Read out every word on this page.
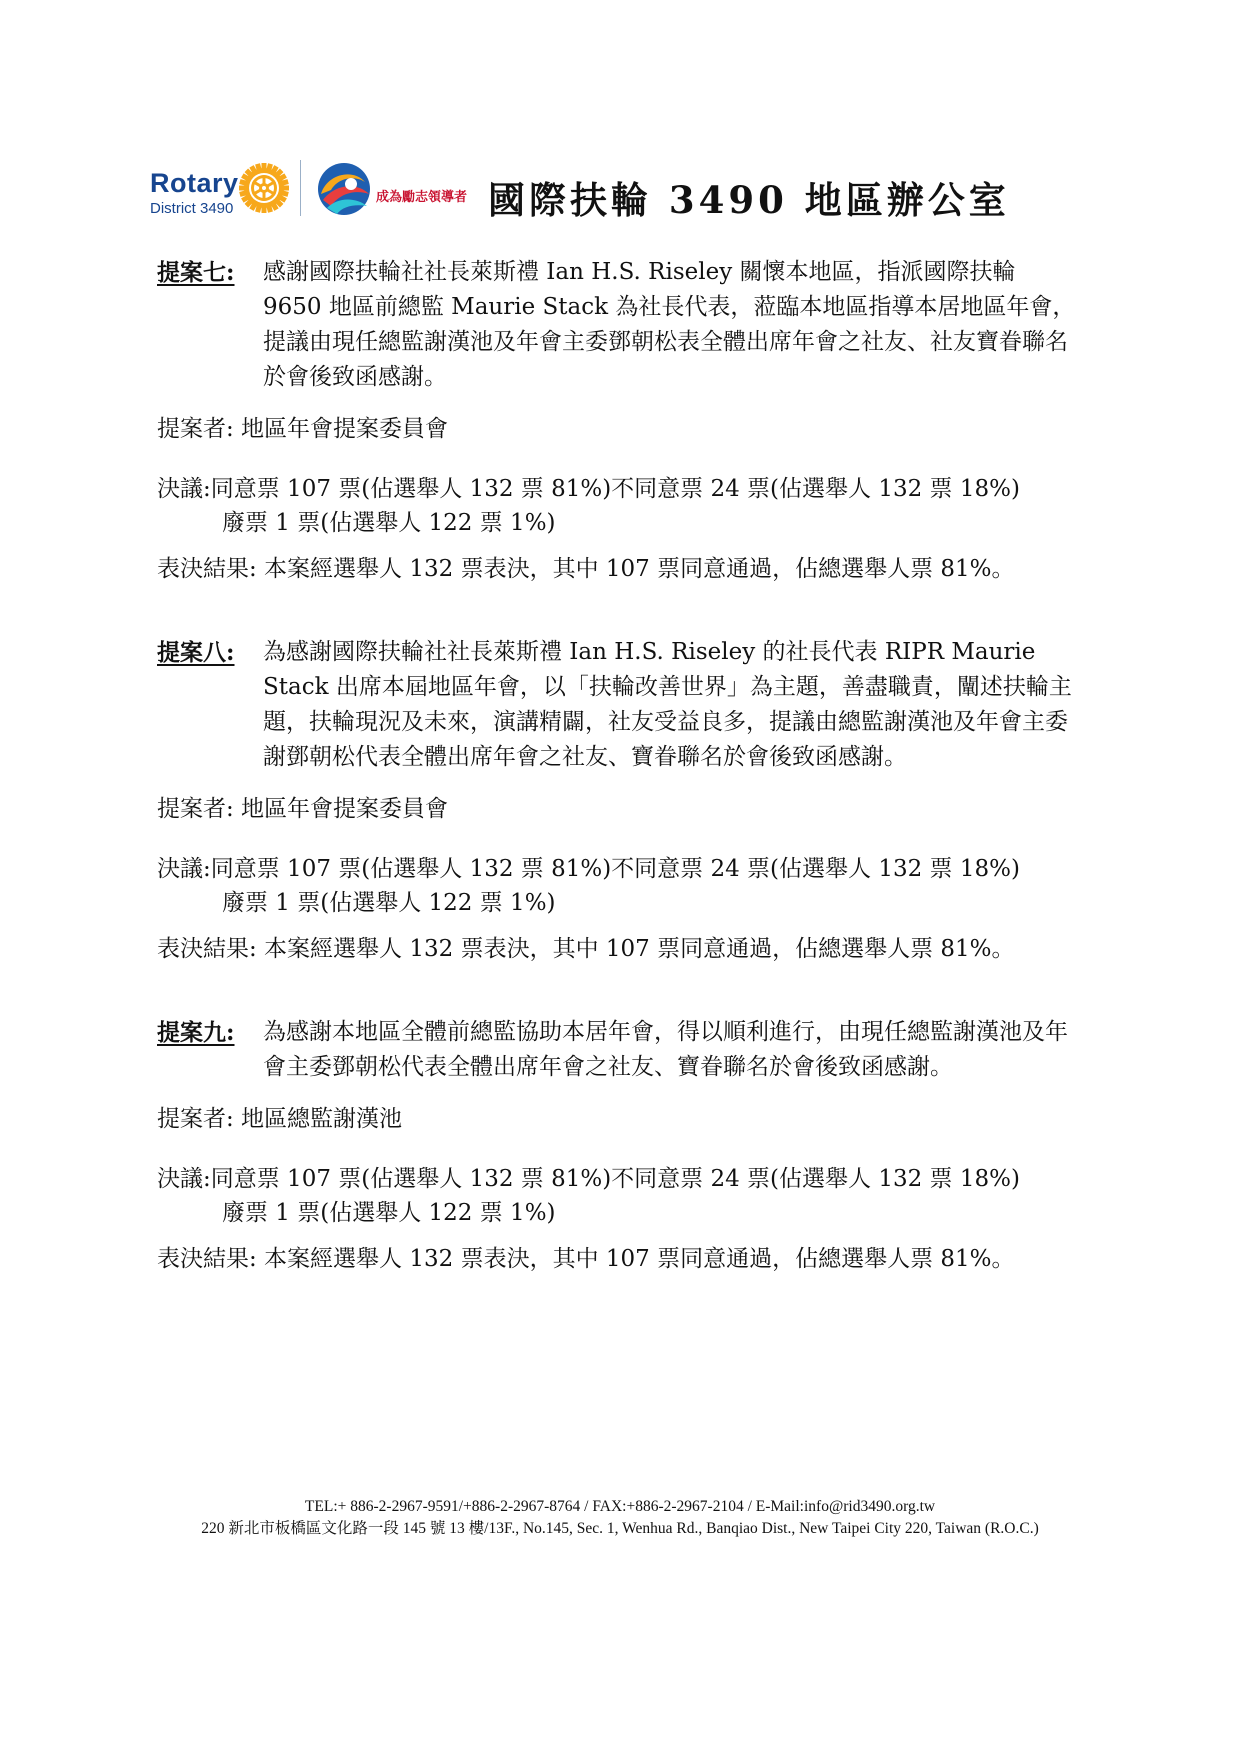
Rotary
District 3490
成為勵志領導者 國際扶輪 3490 地區辦公室
提案七: 感謝國際扶輪社社長萊斯禮 Ian H.S. Riseley 關懷本地區，指派國際扶輪 9650 地區前總監 Maurie Stack 為社長代表，蒞臨本地區指導本居地區年會，提議由現任總監謝漢池及年會主委鄧朝松表全體出席年會之社友、社友寶眷聯名於會後致函感謝。
提案者: 地區年會提案委員會
決議:同意票 107 票(佔選舉人 132 票 81%)不同意票 24 票(佔選舉人 132 票 18%)
廢票 1 票(佔選舉人 122 票 1%)
表決結果: 本案經選舉人 132 票表決，其中 107 票同意通過，佔總選舉人票 81%。
提案八: 為感謝國際扶輪社社長萊斯禮 Ian H.S. Riseley 的社長代表 RIPR Maurie Stack 出席本屆地區年會，以「扶輪改善世界」為主題，善盡職責，闡述扶輪主題，扶輪現況及未來，演講精闢，社友受益良多，提議由總監謝漢池及年會主委謝鄧朝松代表全體出席年會之社友、寶眷聯名於會後致函感謝。
提案者: 地區年會提案委員會
決議:同意票 107 票(佔選舉人 132 票 81%)不同意票 24 票(佔選舉人 132 票 18%)
廢票 1 票(佔選舉人 122 票 1%)
表決結果: 本案經選舉人 132 票表決，其中 107 票同意通過，佔總選舉人票 81%。
提案九: 為感謝本地區全體前總監協助本居年會，得以順利進行，由現任總監謝漢池及年會主委鄧朝松代表全體出席年會之社友、寶眷聯名於會後致函感謝。
提案者: 地區總監謝漢池
決議:同意票 107 票(佔選舉人 132 票 81%)不同意票 24 票(佔選舉人 132 票 18%)
廢票 1 票(佔選舉人 122 票 1%)
表決結果: 本案經選舉人 132 票表決，其中 107 票同意通過，佔總選舉人票 81%。
TEL:+ 886-2-2967-9591/+886-2-2967-8764 / FAX:+886-2-2967-2104 / E-Mail:info@rid3490.org.tw
220 新北市板橋區文化路一段 145 號 13 樓/13F., No.145, Sec. 1, Wenhua Rd., Banqiao Dist., New Taipei City 220, Taiwan (R.O.C.)
